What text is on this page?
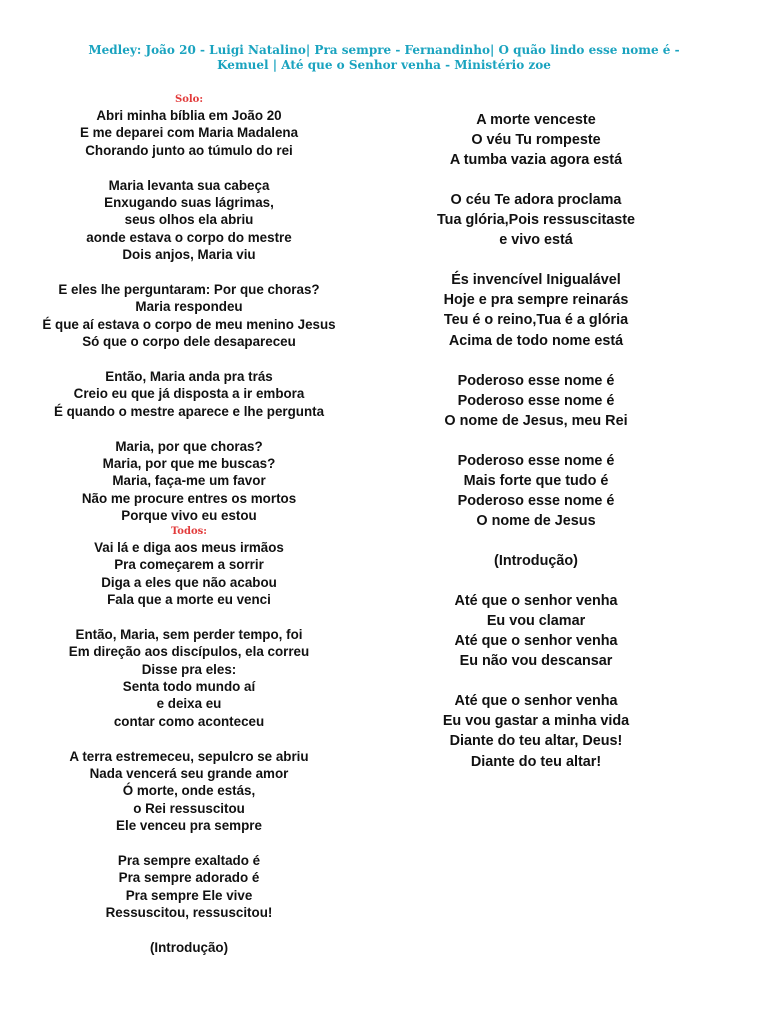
Medley: João 20 - Luigi Natalino| Pra sempre - Fernandinho| O quão lindo esse nome é -
Kemuel | Até que o Senhor venha - Ministério zoe
Solo:
Abri minha bíblia em João 20
E me deparei com Maria Madalena
Chorando junto ao túmulo do rei
Maria levanta sua cabeça
Enxugando suas lágrimas,
seus olhos ela abriu
aonde estava o corpo do mestre
Dois anjos, Maria viu
E eles lhe perguntaram: Por que choras?
Maria respondeu
É que aí estava o corpo de meu menino Jesus
Só que o corpo dele desapareceu
Então, Maria anda pra trás
Creio eu que já disposta a ir embora
É quando o mestre aparece e lhe pergunta
Maria, por que choras?
Maria, por que me buscas?
Maria, faça-me um favor
Não me procure entres os mortos
Porque vivo eu estou
Todos:
Vai lá e diga aos meus irmãos
Pra começarem a sorrir
Diga a eles que não acabou
Fala que a morte eu venci
Então, Maria, sem perder tempo, foi
Em direção aos discípulos, ela correu
Disse pra eles:
Senta todo mundo aí
e deixa eu
contar como aconteceu
A terra estremeceu, sepulcro se abriu
Nada vencerá seu grande amor
Ó morte, onde estás,
o Rei ressuscitou
Ele venceu pra sempre
Pra sempre exaltado é
Pra sempre adorado é
Pra sempre Ele vive
Ressuscitou, ressuscitou!
(Introdução)
A morte venceste
O véu Tu rompeste
A tumba vazia agora está
O céu Te adora proclama
Tua glória,Pois ressuscitaste
e vivo está
És invencível Inigualável
Hoje e pra sempre reinarás
Teu é o reino,Tua é a glória
Acima de todo nome está
Poderoso esse nome é
Poderoso esse nome é
O nome de Jesus, meu Rei
Poderoso esse nome é
Mais forte que tudo é
Poderoso esse nome é
O nome de Jesus
(Introdução)
Até que o senhor venha
Eu vou clamar
Até que o senhor venha
Eu não vou descansar
Até que o senhor venha
Eu vou gastar a minha vida
Diante do teu altar, Deus!
Diante do teu altar!
